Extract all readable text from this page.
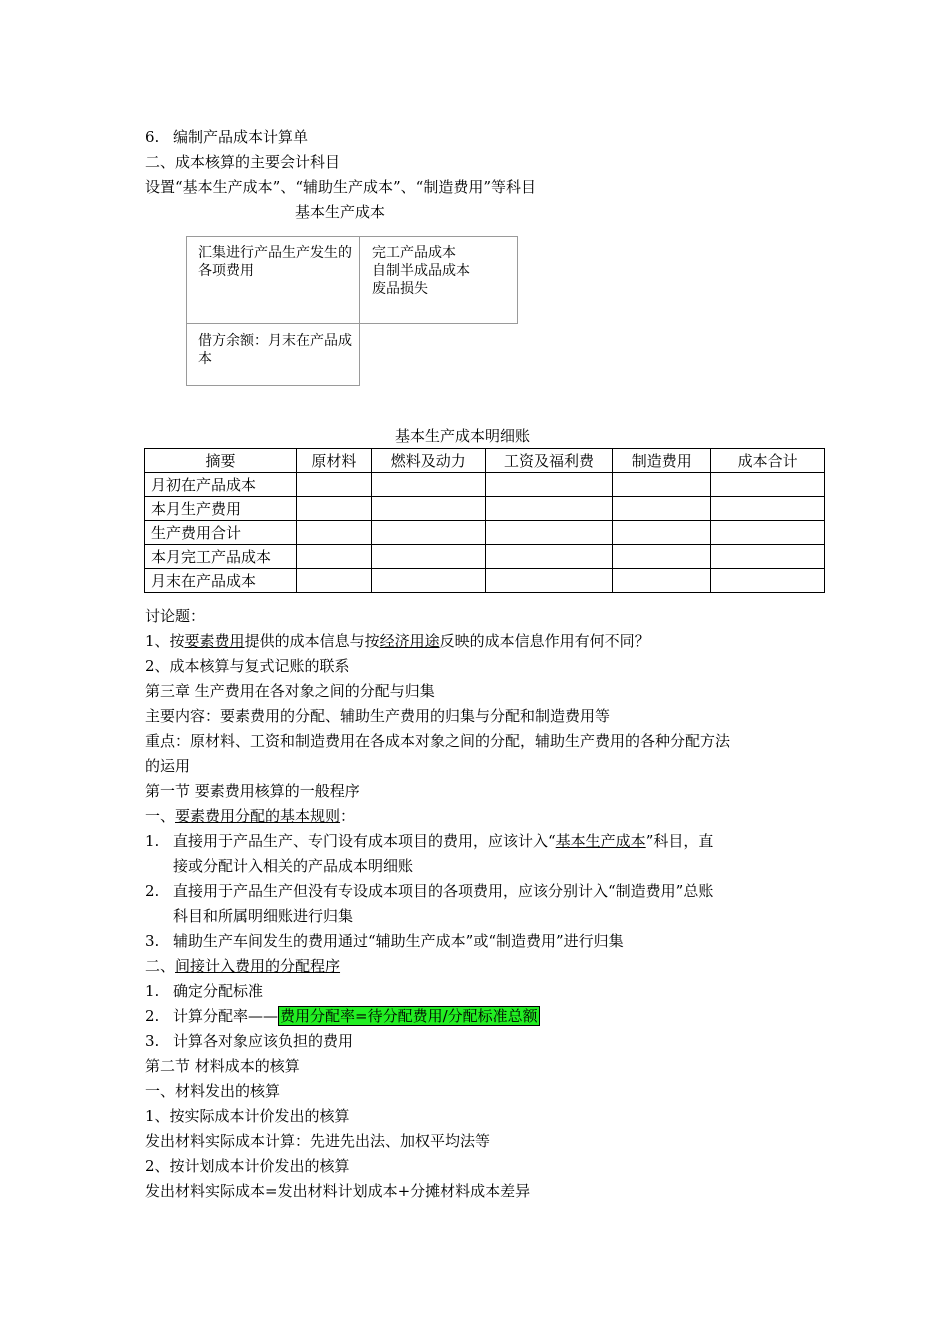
6. 编制产品成本计算单
二、成本核算的主要会计科目
设置“基本生产成本”、“辅助生产成本”、“制造费用”等科目
基本生产成本
汇集进行产品生产发生的各项费用
完工产品成本
自制半成品成本
废品损失
借方余额：月末在产品成本
基本生产成本明细账
摘要	原材料	燃料及动力	工资及福利费	制造费用	成本合计
月初在产品成本					
本月生产费用					
生产费用合计					
本月完工产品成本					
月末在产品成本					
讨论题：
1、按要素费用提供的成本信息与按经济用途反映的成本信息作用有何不同？
2、成本核算与复式记账的联系
第三章 生产费用在各对象之间的分配与归集
主要内容：要素费用的分配、辅助生产费用的归集与分配和制造费用等
重点：原材料、工资和制造费用在各成本对象之间的分配，辅助生产费用的各种分配方法
的运用
第一节 要素费用核算的一般程序
一、要素费用分配的基本规则：
1. 直接用于产品生产、专门设有成本项目的费用，应该计入“基本生产成本”科目，直
接或分配计入相关的产品成本明细账
2. 直接用于产品生产但没有专设成本项目的各项费用，应该分别计入“制造费用”总账
科目和所属明细账进行归集
3. 辅助生产车间发生的费用通过“辅助生产成本”或“制造费用”进行归集
二、间接计入费用的分配程序
1. 确定分配标准
2. 计算分配率—— 费用分配率=待分配费用/分配标准总额
3. 计算各对象应该负担的费用
第二节 材料成本的核算
一、材料发出的核算
1、按实际成本计价发出的核算
发出材料实际成本计算：先进先出法、加权平均法等
2、按计划成本计价发出的核算
发出材料实际成本=发出材料计划成本+分摊材料成本差异
